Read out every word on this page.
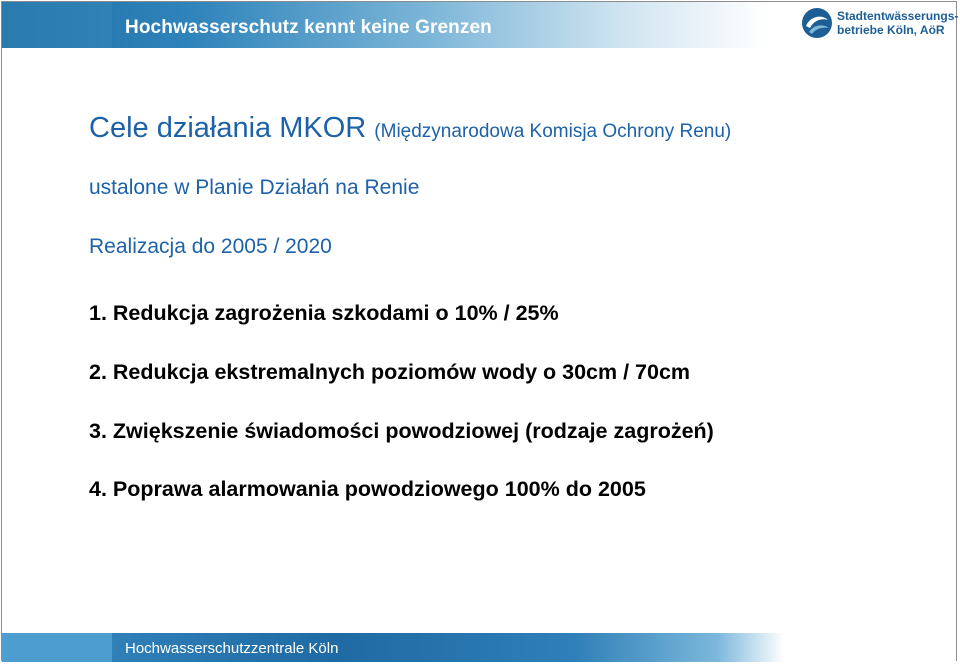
Hochwasserschutz kennt keine Grenzen
Stadtentwässerungs-
betriebe Köln, AöR
Cele działania MKOR (Międzynarodowa Komisja Ochrony Renu)
ustalone w Planie Działań na Renie
Realizacja do 2005 / 2020
1. Redukcja zagrożenia szkodami o 10% / 25%
2. Redukcja ekstremalnych poziomów wody o 30cm / 70cm
3. Zwiększenie świadomości powodziowej (rodzaje zagrożeń)
4. Poprawa alarmowania powodziowego 100% do 2005
Hochwasserschutzzentrale Köln
